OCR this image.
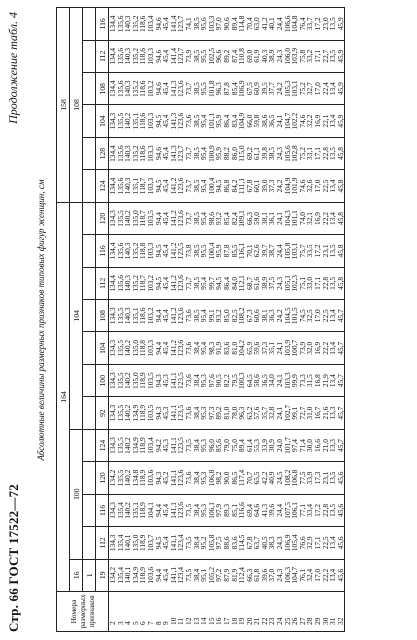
Стр. 66 ГОСТ 17522—72
Продолжение табл. 4
Абсолютные величины размерных признаков типовых фигур женщин, см
Номера размерных признаков	164												158					
	16	100				104							108					
	1																	
	19	112	116	120	124	92	100	104	108	112	116	120	124	128	104	108	112	116
2	134,2	134,3	134,3	134,2	134,3	134,3	134,3	134,3	134,3	134,4	134,4	134,3	134,4	134,4	134,3	134,4	134,4	134,4
3	135,4	135,4	135,4	135,5	135,5	135,5	135,5	135,5	135,5	135,6	135,6	135,5	135,6	135,6	135,5	135,6	135,6	135,6
4	140,1	140,1	140,2	140,2	140,2	140,2	140,2	140,2	140,3	140,3	140,3	140,2	140,3	140,3	140,2	140,3	140,3	140,3
5	134,9	135,0	135,1	134,8	134,9	134,9	135,0	135,0	135,1	135,2	135,2	135,0	135,1	135,2	135,1	135,2	135,2	135,2
6	118,9	118,9	118,9	118,9	118,9	118,9	118,9	118,8	118,6	118,7	118,8	118,7	118,7	118,6	118,6	118,6	118,6	118,6
7	103,6	103,7	104,1	103,6	103,4	103,5	103,5	103,3	103,2	103,2	103,3	103,5	103,3	103,3	103,3	103,2	103,3	103,4
8	94,4	94,5	94,4	94,3	94,2	94,3	94,3	94,4	94,4	94,5	94,5	94,4	94,5	94,6	94,5	94,6	94,6	94,6
9	45,4	45,4	45,4	45,2	45,3	45,3	45,3	45,4	45,4	45,4	45,4	45,4	45,4	45,4	45,4	45,4	45,4	45,4
10	141,1	141,1	141,1	141,1	141,1	141,1	141,1	141,2	141,2	141,2	141,2	141,2	141,2	141,3	141,3	141,3	141,4	141,4
11	123,4	123,4	123,6	123,6	123,5	123,5	123,5	123,6	123,6	123,6	123,5	123,6	123,6	123,7	123,6	123,6	123,7	123,7
12	73,5	73,5	73,5	73,6	73,5	73,6	73,6	73,6	73,6	73,7	73,8	73,7	73,7	73,7	73,6	73,7	73,9	74,1
13	38,4	38,4	38,4	38,4	38,4	38,4	38,4	38,4	38,5	38,5	38,5	38,5	38,5	38,5	38,5	38,5	38,5	38,5
14	95,1	95,2	95,3	95,3	95,3	95,3	95,3	95,4	95,4	95,4	95,5	95,4	95,4	95,4	95,4	95,5	95,5	95,6
15	105,2	105,8	106,1	106,8	96,0	97,3	97,6	98,3	99,1	99,7	100,4	98,6	100,4	100,9	101,1	101,8	102,5	103,3
16	97,2	97,5	97,9	98,2	85,6	89,2	90,5	91,9	93,2	94,5	95,9	93,2	94,5	95,9	95,9	96,3	96,6	97,0
17	87,9	88,6	89,3	90,0	79,0	81,0	82,2	83,6	85,0	86,4	87,8	85,4	86,8	88,2	86,4	87,8	89,2	90,6
18	81,9	83,6	85,1	86,5	75,0	78,0	79,5	81,0	82,5	84,0	85,5	82,4	84,2	86,0	83,4	85,4	87,4	89,4
19	112,4	114,5	116,6	117,4	89,4	96,3	100,3	104,2	108,2	112,1	116,1	109,1	111,1	115,0	104,9	106,9	110,8	114,8
20	66,3	67,8	69,4	70,7	61,4	63,2	64,5	65,9	67,3	68,7	70,1	66,3	67,8	69,2	66,0	67,5	69,0	70,4
21	61,8	63,7	64,6	65,5	55,3	57,6	58,6	59,6	60,6	61,6	62,6	59,0	60,1	61,1	59,8	60,9	61,9	63,0
22	39,6	40,5	41,3	42,2	33,9	35,7	36,5	37,3	38,1	38,9	39,7	38,1	39,0	39,8	38,6	39,5	40,3	41,2
23	37,0	38,3	39,6	40,9	30,9	32,8	34,0	35,1	36,3	37,5	38,7	36,1	37,3	38,5	36,5	37,7	38,9	40,1
24	24,3	24,3	24,4	24,5	24,0	24,1	24,1	24,1	24,2	24,3	24,4	24,1	24,2	24,3	24,1	24,2	24,3	24,4
25	106,3	106,9	107,5	108,2	101,7	102,7	103,3	103,9	104,5	105,1	105,8	104,3	104,9	105,6	104,7	105,3	106,0	106,6
26	104,7	105,4	106,1	106,8	97,4	99,1	99,9	100,7	101,5	102,3	103,1	101,1	101,9	102,8	102,2	103,1	103,9	104,8
27	76,1	76,6	77,1	77,5	71,4	72,7	73,3	73,9	74,5	75,1	75,7	74,0	74,6	75,2	74,6	75,2	75,8	76,4
28	32,4	32,9	33,4	33,9	30,0	31,0	31,5	32,0	32,5	33,0	33,5	32,1	32,6	33,1	32,2	32,7	33,2	33,7
29	17,0	17,1	17,2	17,3	16,6	16,7	16,8	16,9	17,0	17,1	17,2	16,9	17,0	17,1	16,9	17,0	17,1	17,2
30	22,2	22,5	22,8	23,1	21,0	21,6	21,9	22,2	22,5	22,8	23,1	22,2	22,5	22,8	22,1	22,4	22,7	23,0
31	13,4	13,4	13,5	13,5	13,3	13,3	13,4	13,4	13,4	13,5	13,5	13,4	13,4	13,5	13,4	13,4	13,5	13,5
32	45,6	45,6	45,6	45,6	45,7	45,7	45,7	45,7	45,7	45,8	45,8	45,8	45,8	45,8	45,9	45,9	45,9	45,9
